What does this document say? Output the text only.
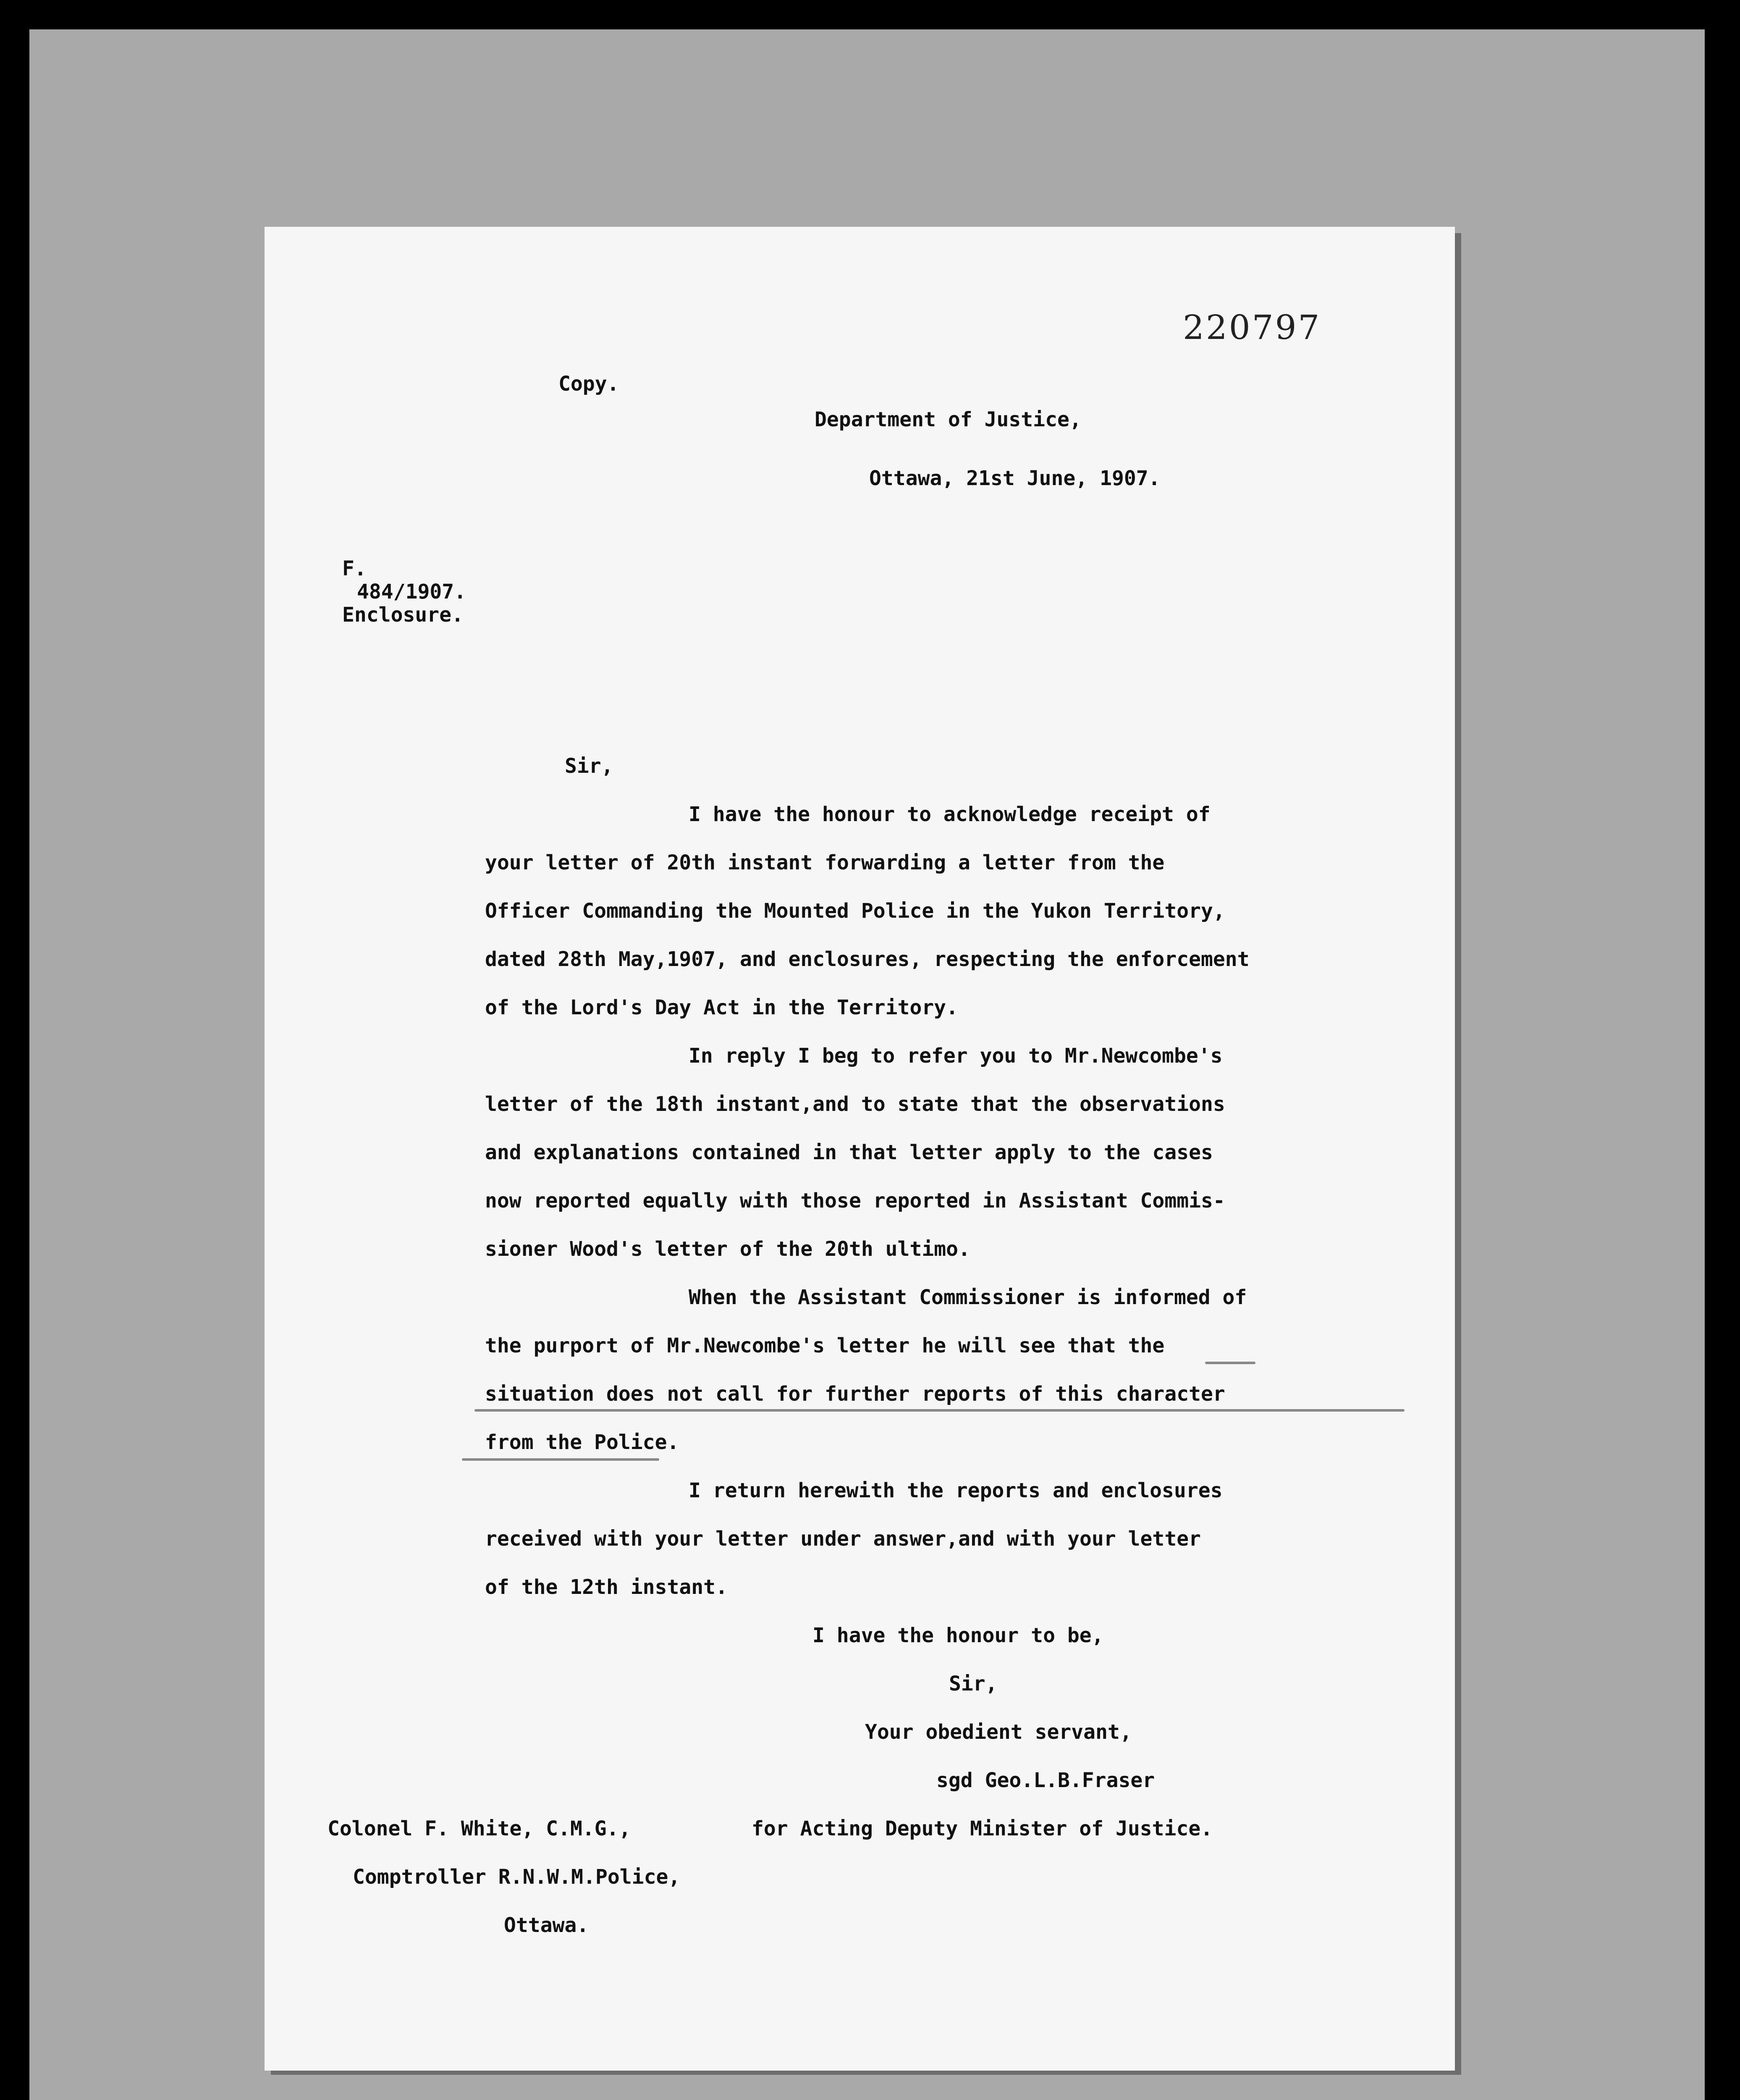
220797
Copy.
Department of Justice,
Ottawa, 21st June, 1907.
F.
484/1907.
Enclosure.
Sir,
I have the honour to acknowledge receipt of
your letter of 20th instant forwarding a letter from the
Officer Commanding the Mounted Police in the Yukon Territory,
dated 28th May,1907, and enclosures, respecting the enforcement
of the Lord's Day Act in the Territory.
In reply I beg to refer you to Mr.Newcombe's
letter of the 18th instant,and to state that the observations
and explanations contained in that letter apply to the cases
now reported equally with those reported in Assistant Commis-
sioner Wood's letter of the 20th ultimo.
When the Assistant Commissioner is informed of
the purport of Mr.Newcombe's letter he will see that the
situation does not call for further reports of this character
from the Police.
I return herewith the reports and enclosures
received with your letter under answer,and with your letter
of the 12th instant.
I have the honour to be,
Sir,
Your obedient servant,
sgd Geo.L.B.Fraser
Colonel F. White, C.M.G.,	for Acting Deputy Minister of Justice.
Comptroller R.N.W.M.Police,
Ottawa.
